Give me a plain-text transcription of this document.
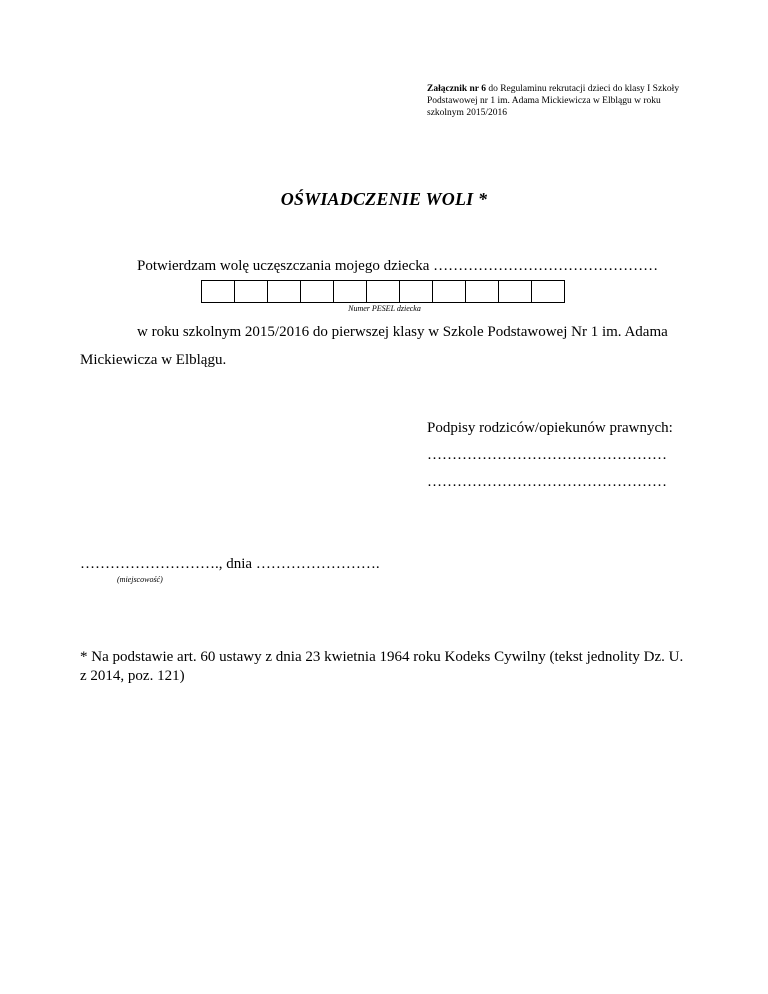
Załącznik nr 6 do Regulaminu rekrutacji dzieci do klasy I Szkoły Podstawowej nr 1 im. Adama Mickiewicza w Elblągu w roku szkolnym 2015/2016
OŚWIADCZENIE WOLI *
Potwierdzam wolę uczęszczania mojego dziecka ………………………………………
Numer PESEL dziecka
w roku szkolnym 2015/2016 do pierwszej klasy w Szkole Podstawowej Nr 1 im. Adama Mickiewicza w Elblągu.
Podpisy rodziców/opiekunów prawnych:
…………………………………………
…………………………………………
………………………., dnia …………………….
(miejscowość)
* Na podstawie art. 60 ustawy z dnia 23 kwietnia 1964 roku Kodeks Cywilny (tekst jednolity Dz. U. z 2014, poz. 121)
